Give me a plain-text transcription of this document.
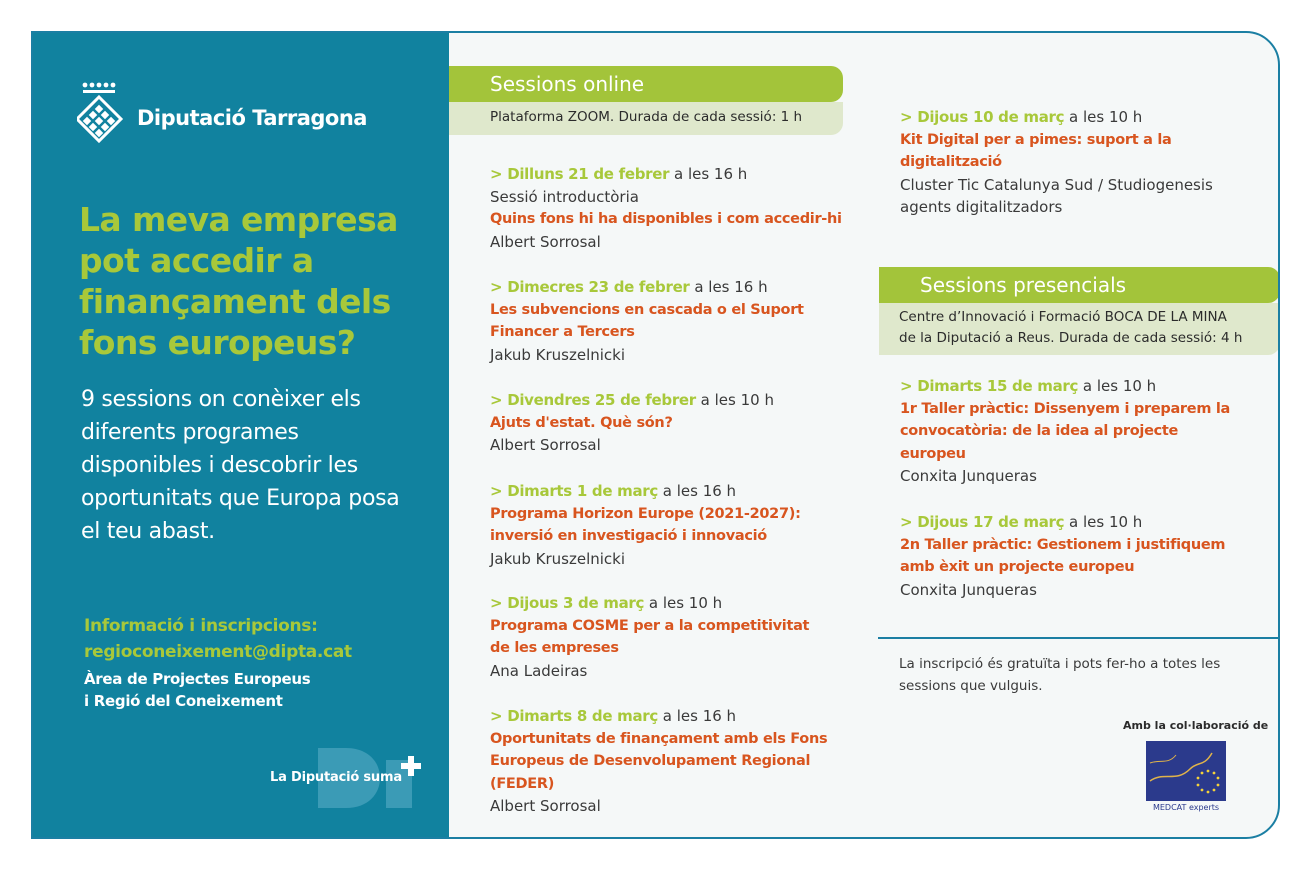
Diputació Tarragona
La meva empresa pot accedir a finançament dels fons europeus?
9 sessions on conèixer els diferents programes disponibles i descobrir les oportunitats que Europa posa el teu abast.
Informació i inscripcions:
regioconeixement@dipta.cat
Àrea de Projectes Europeus
i Regió del Coneixement
La Diputació suma
Sessions online
Plataforma ZOOM. Durada de cada sessió: 1 h
> Dilluns 21 de febrer a les 16 h
Sessió introductòria
Quins fons hi ha disponibles i com accedir-hi
Albert Sorrosal
> Dimecres 23 de febrer a les 16 h
Les subvencions en cascada o el Suport
Financer a Tercers
Jakub Kruszelnicki
> Divendres 25 de febrer a les 10 h
Ajuts d'estat. Què són?
Albert Sorrosal
> Dimarts 1 de març a les 16 h
Programa Horizon Europe (2021-2027):
inversió en investigació i innovació
Jakub Kruszelnicki
> Dijous 3 de març a les 10 h
Programa COSME per a la competitivitat
de les empreses
Ana Ladeiras
> Dimarts 8 de març a les 16 h
Oportunitats de finançament amb els Fons
Europeus de Desenvolupament Regional
(FEDER)
Albert Sorrosal
> Dijous 10 de març a les 10 h
Kit Digital per a pimes: suport a la
digitalització
Cluster Tic Catalunya Sud / Studiogenesis
agents digitalitzadors
Sessions presencials
Centre d’Innovació i Formació BOCA DE LA MINA
de la Diputació a Reus. Durada de cada sessió: 4 h
> Dimarts 15 de març a les 10 h
1r Taller pràctic: Dissenyem i preparem la
convocatòria: de la idea al projecte
europeu
Conxita Junqueras
> Dijous 17 de març a les 10 h
2n Taller pràctic: Gestionem i justifiquem
amb èxit un projecte europeu
Conxita Junqueras
La inscripció és gratuïta i pots fer-ho a totes les sessions que vulguis.
Amb la col·laboració de
MEDCAT experts
